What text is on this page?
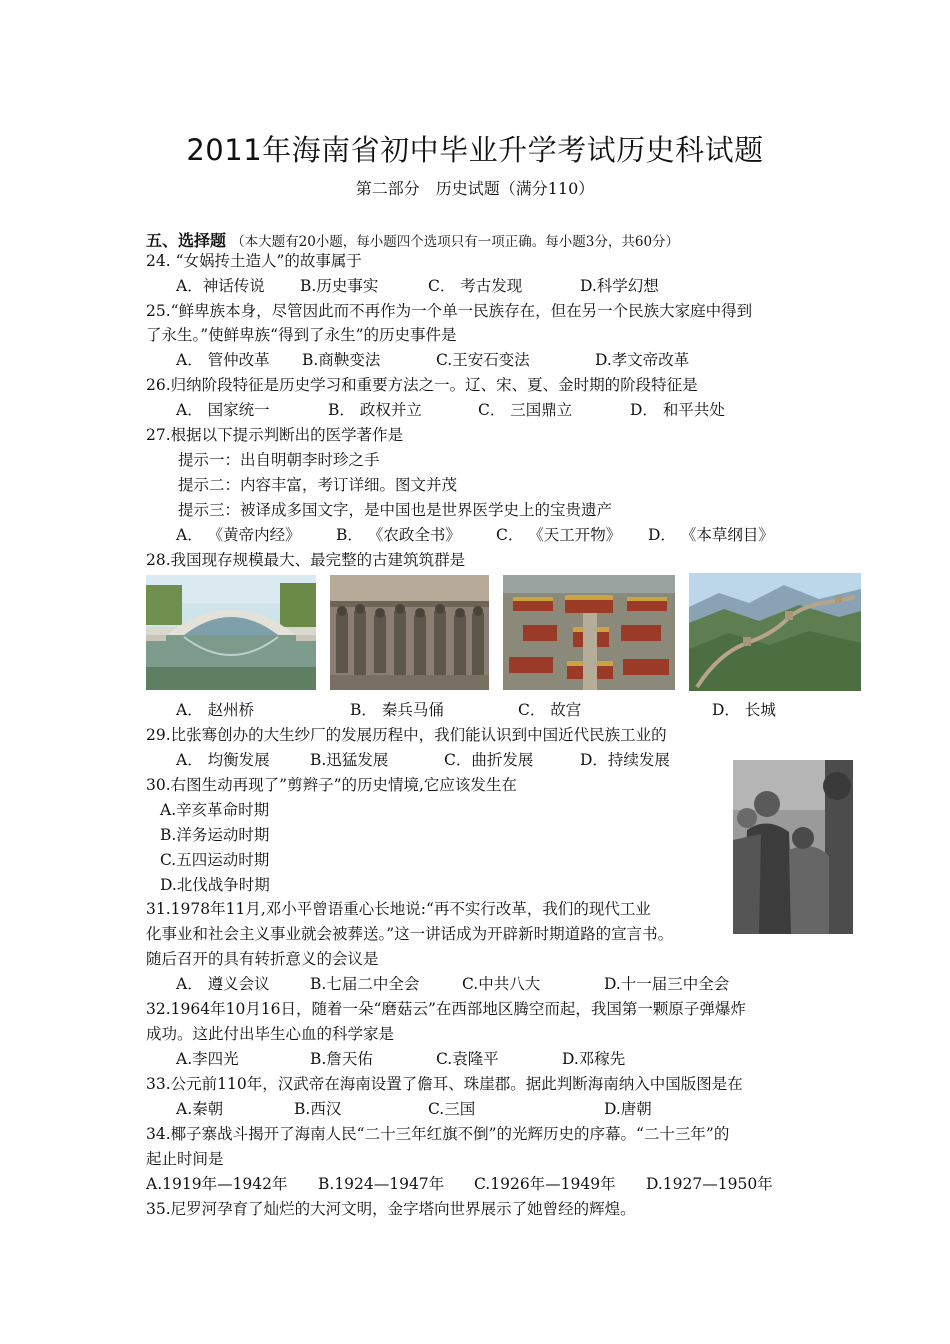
2011年海南省初中毕业升学考试历史科试题
第二部分　历史试题（满分110）
五、选择题 （本大题有20小题，每小题四个选项只有一项正确。每小题3分，共60分）
24. “女娲抟土造人”的故事属于
A．神话传说 B.历史事实	C． 考古发现	D.科学幻想
25.“鲜卑族本身，尽管因此而不再作为一个单一民族存在，但在另一个民族大家庭中得到
了永生。”使鲜卑族“得到了永生”的历史事件是
A． 管仲改革 B.商鞅变法	C.王安石变法	D.孝文帝改革
26.归纳阶段特征是历史学习和重要方法之一。辽、宋、夏、金时期的阶段特征是
A． 国家统一	B． 政权并立	C． 三国鼎立	D． 和平共处
27.根据以下提示判断出的医学著作是
提示一：出自明朝李时珍之手
提示二：内容丰富，考订详细。图文并茂
提示三：被译成多国文字，是中国也是世界医学史上的宝贵遗产
A． 《黄帝内经》 B． 《农政全书》 C． 《天工开物》 D． 《本草纲目》
28.我国现存规模最大、最完整的古建筑筑群是
A． 赵州桥	B． 秦兵马俑	C． 故宫	D． 长城
29.比张骞创办的大生纱厂的发展历程中，我们能认识到中国近代民族工业的
A． 均衡发展	B.迅猛发展	C．曲折发展	D．持续发展
30.右图生动再现了”剪辫子”的历史情境,它应该发生在
A.辛亥革命时期
B.洋务运动时期
C.五四运动时期
D.北伐战争时期
31.1978年11月,邓小平曾语重心长地说:“再不实行改革，我们的现代工业
化事业和社会主义事业就会被葬送。”这一讲话成为开辟新时期道路的宣言书。
随后召开的具有转折意义的会议是
A． 遵义会议	B.七届二中全会	C.中共八大	D.十一届三中全会
32.1964年10月16日，随着一朵“磨菇云”在西部地区腾空而起，我国第一颗原子弹爆炸
成功。这此付出毕生心血的科学家是
A.李四光	B.詹天佑	C.袁隆平	D.邓稼先
33.公元前110年，汉武帝在海南设置了儋耳、珠崖郡。据此判断海南纳入中国版图是在
A.秦朝	B.西汉	C.三国	D.唐朝
34.椰子寨战斗揭开了海南人民“二十三年红旗不倒”的光辉历史的序幕。“二十三年”的
起止时间是
A.1919年—1942年 B.1924—1947年 C.1926年—1949年 D.1927—1950年
35.尼罗河孕育了灿烂的大河文明，金字塔向世界展示了她曾经的辉煌。
